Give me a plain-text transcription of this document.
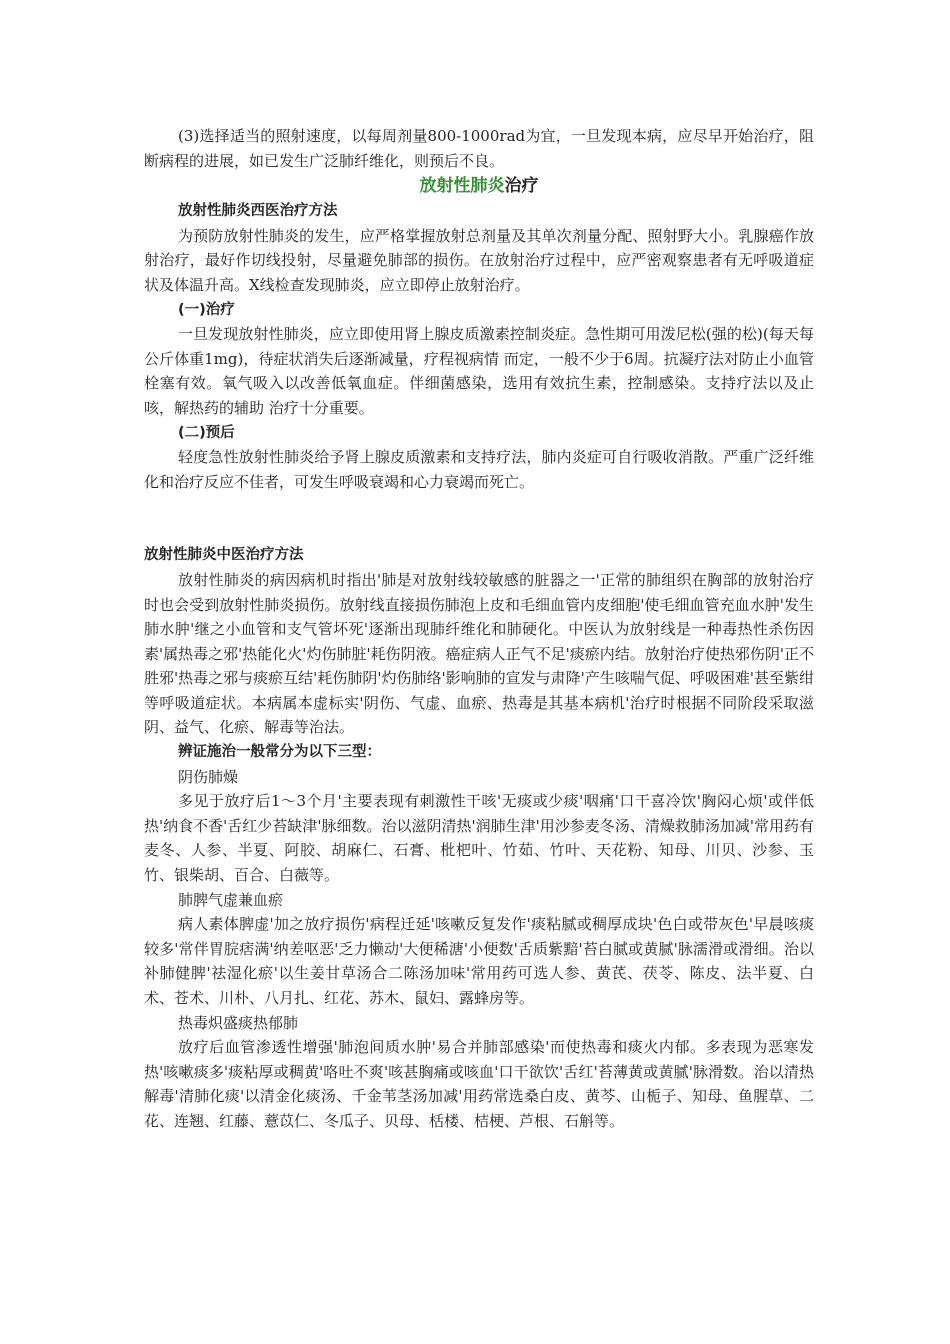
(3)选择适当的照射速度，以每周剂量800-1000rad为宜，一旦发现本病，应尽早开始治疗，阻断病程的进展，如已发生广泛肺纤维化，则预后不良。

放射性肺炎治疗

放射性肺炎西医治疗方法

为预防放射性肺炎的发生，应严格掌握放射总剂量及其单次剂量分配、照射野大小。乳腺癌作放射治疗，最好作切线投射，尽量避免肺部的损伤。在放射治疗过程中，应严密观察患者有无呼吸道症状及体温升高。X线检查发现肺炎，应立即停止放射治疗。

(一)治疗

一旦发现放射性肺炎，应立即使用肾上腺皮质激素控制炎症。急性期可用泼尼松(强的松)(每天每公斤体重1mg)，待症状消失后逐渐减量，疗程视病情 而定，一般不少于6周。抗凝疗法对防止小血管栓塞有效。氧气吸入以改善低氧血症。伴细菌感染，选用有效抗生素，控制感染。支持疗法以及止咳，解热药的辅助 治疗十分重要。

(二)预后

轻度急性放射性肺炎给予肾上腺皮质激素和支持疗法，肺内炎症可自行吸收消散。严重广泛纤维化和治疗反应不佳者，可发生呼吸衰竭和心力衰竭而死亡。

放射性肺炎中医治疗方法

放射性肺炎的病因病机时指出'肺是对放射线较敏感的脏器之一'正常的肺组织在胸部的放射治疗时也会受到放射性肺炎损伤。放射线直接损伤肺泡上皮和毛细血管内皮细胞'使毛细血管充血水肿'发生肺水肿'继之小血管和支气管坏死'逐渐出现肺纤维化和肺硬化。中医认为放射线是一种毒热性杀伤因素'属热毒之邪'热能化火'灼伤肺脏'耗伤阴液。癌症病人正气不足'痰瘀内结。放射治疗使热邪伤阴'正不胜邪'热毒之邪与痰瘀互结'耗伤肺阴'灼伤肺络'影响肺的宣发与肃降'产生咳喘气促、呼吸困难'甚至紫绀等呼吸道症状。本病属本虚标实'阴伤、气虚、血瘀、热毒是其基本病机'治疗时根据不同阶段采取滋阴、益气、化瘀、解毒等治法。

辨证施治一般常分为以下三型：

阴伤肺燥

多见于放疗后1～3个月'主要表现有刺激性干咳'无痰或少痰'咽痛'口干喜冷饮'胸闷心烦'或伴低热'纳食不香'舌红少苔缺津'脉细数。治以滋阴清热'润肺生津'用沙参麦冬汤、清燥救肺汤加减'常用药有麦冬、人参、半夏、阿胶、胡麻仁、石膏、枇杷叶、竹茹、竹叶、天花粉、知母、川贝、沙参、玉竹、银柴胡、百合、白薇等。

肺脾气虚兼血瘀

病人素体脾虚'加之放疗损伤'病程迁延'咳嗽反复发作'痰粘腻或稠厚成块'色白或带灰色'早晨咳痰较多'常伴胃脘痞满'纳差呕恶'乏力懒动'大便稀溏'小便数'舌质紫黯'苔白腻或黄腻'脉濡滑或滑细。治以补肺健脾'祛湿化瘀'以生姜甘草汤合二陈汤加味'常用药可选人参、黄芪、茯苓、陈皮、法半夏、白术、苍术、川朴、八月扎、红花、苏木、鼠妇、露蜂房等。

热毒炽盛痰热郁肺

放疗后血管渗透性增强'肺泡间质水肿'易合并肺部感染'而使热毒和痰火内郁。多表现为恶寒发热'咳嗽痰多'痰粘厚或稠黄'咯吐不爽'咳甚胸痛或咳血'口干欲饮'舌红'苔薄黄或黄腻'脉滑数。治以清热解毒'清肺化痰'以清金化痰汤、千金苇茎汤加减'用药常选桑白皮、黄芩、山栀子、知母、鱼腥草、二花、连翘、红藤、薏苡仁、冬瓜子、贝母、栝楼、桔梗、芦根、石斛等。
